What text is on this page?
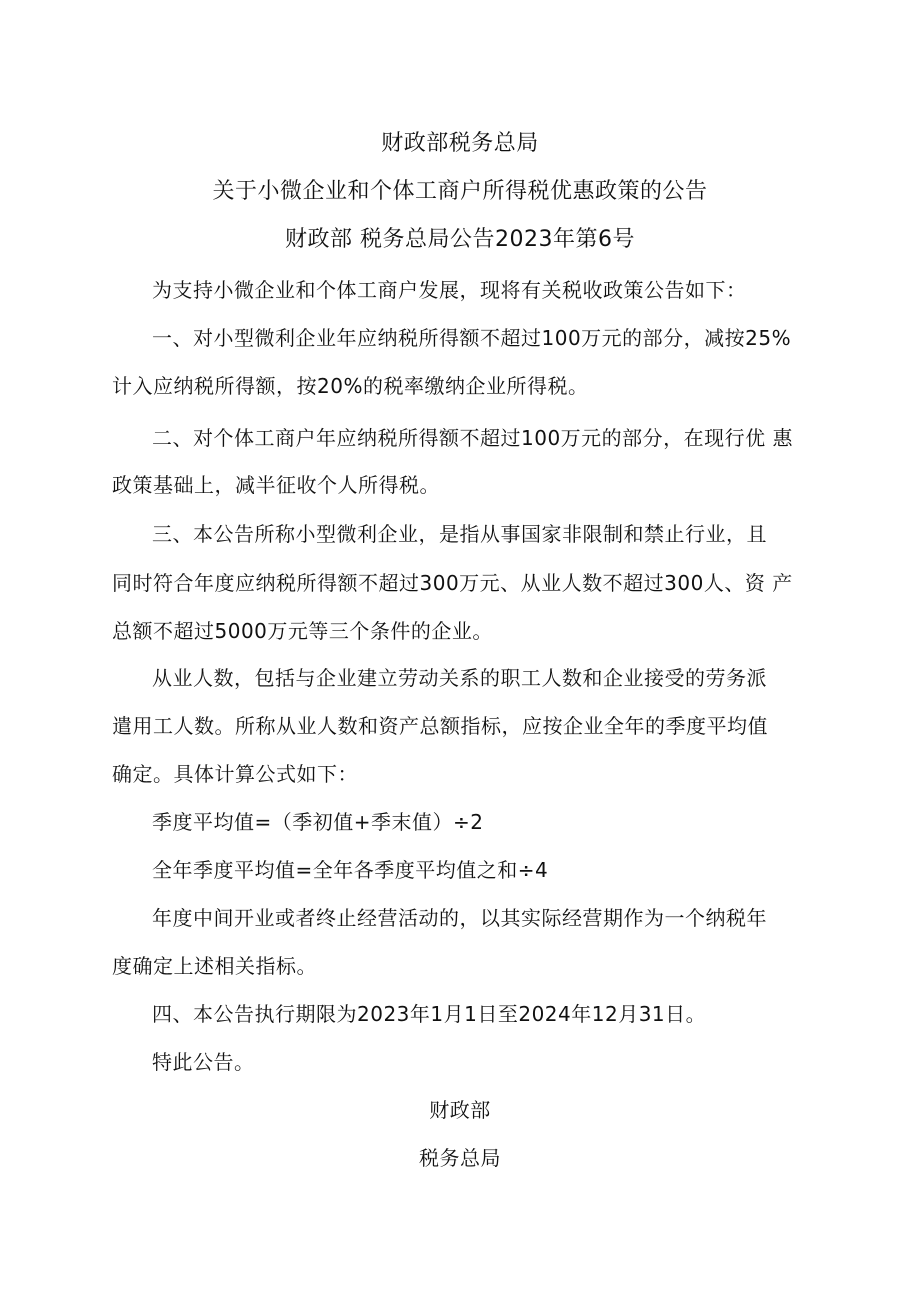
财政部税务总局
关于小微企业和个体工商户所得税优惠政策的公告
财政部 税务总局公告2023年第6号
为支持小微企业和个体工商户发展，现将有关税收政策公告如下：
一、对小型微利企业年应纳税所得额不超过100万元的部分，减按25%
计入应纳税所得额，按20%的税率缴纳企业所得税。
二、对个体工商户年应纳税所得额不超过100万元的部分，在现行优 惠
政策基础上，减半征收个人所得税。
三、本公告所称小型微利企业，是指从事国家非限制和禁止行业，且
同时符合年度应纳税所得额不超过300万元、从业人数不超过300人、资 产
总额不超过5000万元等三个条件的企业。
从业人数，包括与企业建立劳动关系的职工人数和企业接受的劳务派
遣用工人数。所称从业人数和资产总额指标，应按企业全年的季度平均值
确定。具体计算公式如下：
季度平均值=（季初值+季末值）÷2
全年季度平均值=全年各季度平均值之和÷4
年度中间开业或者终止经营活动的，以其实际经营期作为一个纳税年
度确定上述相关指标。
四、本公告执行期限为2023年1月1日至2024年12月31日。
特此公告。
财政部
税务总局
